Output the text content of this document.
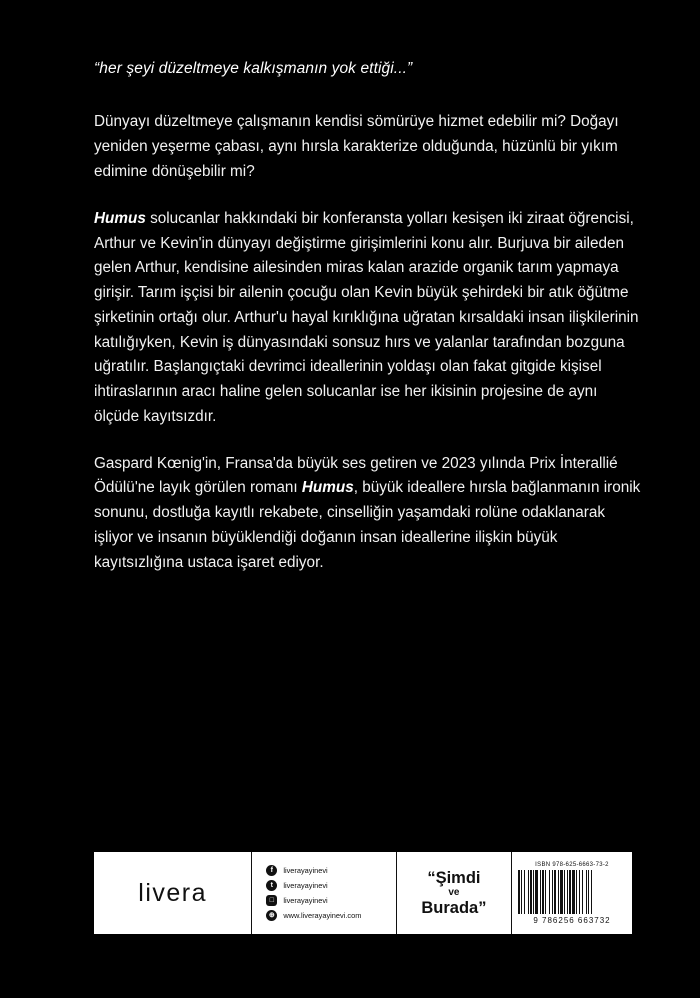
“her şeyi düzeltmeye kalkışmanın yok ettiği...”

Dünyayı düzeltmeye çalışmanın kendisi sömürüye hizmet edebilir mi? Doğayı yeniden yeşerme çabası, aynı hırsla karakterize olduğunda, hüzünlü bir yıkım edimine dönüşebilir mi?

Humus solucanlar hakkındaki bir konferansta yolları kesişen iki ziraat öğrencisi, Arthur ve Kevin'in dünyayı değiştirme girişimlerini konu alır. Burjuva bir aileden gelen Arthur, kendisine ailesinden miras kalan arazide organik tarım yapmaya girişir. Tarım işçisi bir ailenin çocuğu olan Kevin büyük şehirdeki bir atık öğütme şirketinin ortağı olur. Arthur'u hayal kırıklığına uğratan kırsaldaki insan ilişkilerinin katılığıyken, Kevin iş dünyasındaki sonsuz hırs ve yalanlar tarafından bozguna uğratılır. Başlangıçtaki devrimci ideallerinin yoldaşı olan fakat gitgide kişisel ihtiraslarının aracı haline gelen solucanlar ise her ikisinin projesine de aynı ölçüde kayıtsızdır.

Gaspard Kœnig'in, Fransa'da büyük ses getiren ve 2023 yılında Prix İnterallié Ödülü'ne layık görülen romanı Humus, büyük ideallere hırsla bağlanmanın ironik sonunu, dostluğa kayıtlı rekabete, cinselliğin yaşamdaki rolüne odaklanarak işliyor ve insanın büyüklendiği doğanın insan ideallerine ilişkin büyük kayıtsızlığına ustaca işaret ediyor.

livera
f	liverayayinevi
t	liverayayinevi
□	liverayayinevi
⊕	www.liverayayinevi.com
“Şimdi
ve
Burada”
ISBN 978-625-6663-73-2
9 786256 663732
